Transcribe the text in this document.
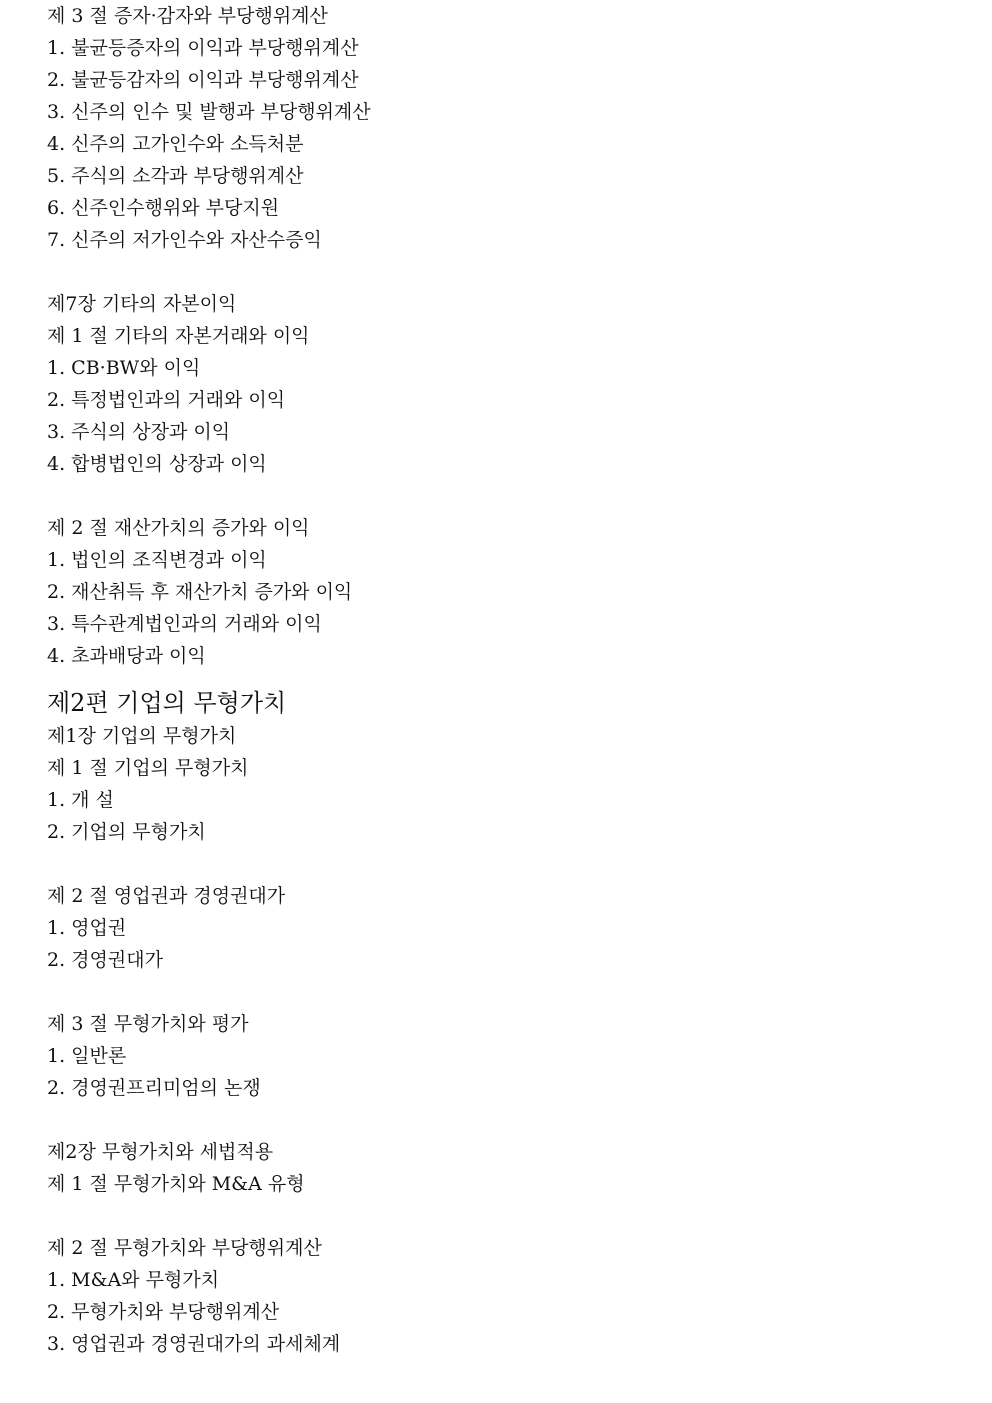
제 3 절 증자·감자와 부당행위계산
1. 불균등증자의 이익과 부당행위계산
2. 불균등감자의 이익과 부당행위계산
3. 신주의 인수 및 발행과 부당행위계산
4. 신주의 고가인수와 소득처분
5. 주식의 소각과 부당행위계산
6. 신주인수행위와 부당지원
7. 신주의 저가인수와 자산수증익
제7장 기타의 자본이익
제 1 절 기타의 자본거래와 이익
1. CB·BW와 이익
2. 특정법인과의 거래와 이익
3. 주식의 상장과 이익
4. 합병법인의 상장과 이익
제 2 절 재산가치의 증가와 이익
1. 법인의 조직변경과 이익
2. 재산취득 후 재산가치 증가와 이익
3. 특수관계법인과의 거래와 이익
4. 초과배당과 이익
제2편 기업의 무형가치
제1장 기업의 무형가치
제 1 절 기업의 무형가치
1. 개 설
2. 기업의 무형가치
제 2 절 영업권과 경영권대가
1. 영업권
2. 경영권대가
제 3 절 무형가치와 평가
1. 일반론
2. 경영권프리미엄의 논쟁
제2장 무형가치와 세법적용
제 1 절 무형가치와 M&A 유형
제 2 절 무형가치와 부당행위계산
1. M&A와 무형가치
2. 무형가치와 부당행위계산
3. 영업권과 경영권대가의 과세체계
